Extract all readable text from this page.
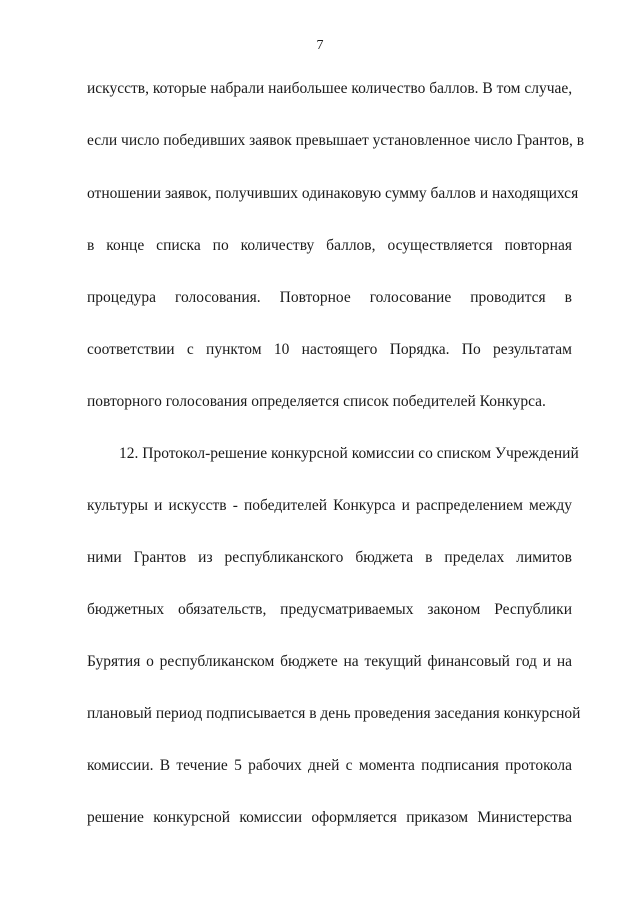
7
искусств, которые набрали наибольшее количество баллов. В том случае,
если число победивших заявок превышает установленное число Грантов, в
отношении заявок, получивших одинаковую сумму баллов и находящихся
в конце списка по количеству баллов, осуществляется повторная
процедура голосования. Повторное голосование проводится в
соответствии с пунктом 10 настоящего Порядка. По результатам
повторного голосования определяется список победителей Конкурса.
12. Протокол-решение конкурсной комиссии со списком Учреждений
культуры и искусств - победителей Конкурса и распределением между
ними Грантов из республиканского бюджета в пределах лимитов
бюджетных обязательств, предусматриваемых законом Республики
Бурятия о республиканском бюджете на текущий финансовый год и на
плановый период подписывается в день проведения заседания конкурсной
комиссии. В течение 5 рабочих дней с момента подписания протокола
решение конкурсной комиссии оформляется приказом Министерства
